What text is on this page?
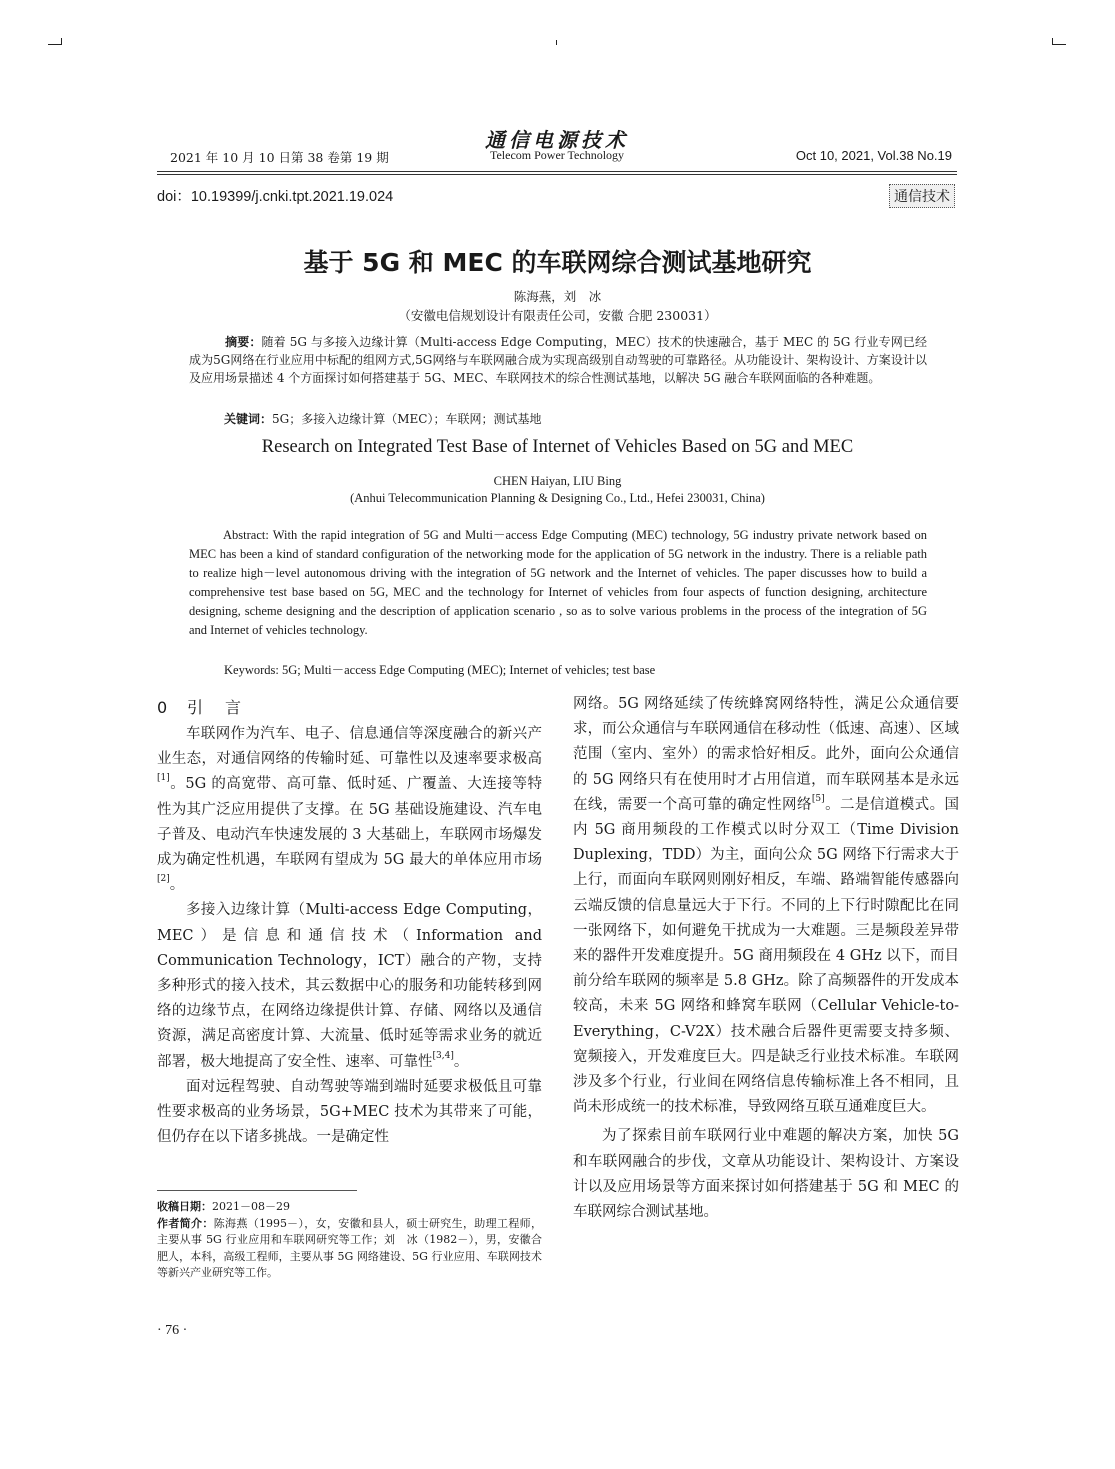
2021 年 10 月 10 日第 38 卷第 19 期
通信电源技术
Telecom Power Technology	Oct 10, 2021, Vol.38 No.19
doi：10.19399/j.cnki.tpt.2021.19.024	通信技术
基于 5G 和 MEC 的车联网综合测试基地研究
陈海燕，刘　冰
（安徽电信规划设计有限责任公司，安徽 合肥 230031）
摘要：随着 5G 与多接入边缘计算（Multi-access Edge Computing，MEC）技术的快速融合，基于 MEC 的 5G 行业专网已经成为5G网络在行业应用中标配的组网方式,5G网络与车联网融合成为实现高级别自动驾驶的可靠路径。从功能设计、架构设计、方案设计以及应用场景描述 4 个方面探讨如何搭建基于 5G、MEC、车联网技术的综合性测试基地，以解决 5G 融合车联网面临的各种难题。
关键词：5G；多接入边缘计算（MEC）；车联网；测试基地
Research on Integrated Test Base of Internet of Vehicles Based on 5G and MEC
CHEN Haiyan, LIU Bing
(Anhui Telecommunication Planning & Designing Co., Ltd., Hefei 230031, China)
Abstract: With the rapid integration of 5G and Multi－access Edge Computing (MEC) technology, 5G industry private network based on MEC has been a kind of standard configuration of the networking mode for the application of 5G network in the industry. There is a reliable path to realize high－level autonomous driving with the integration of 5G network and the Internet of vehicles. The paper discusses how to build a comprehensive test base based on 5G, MEC and the technology for Internet of vehicles from four aspects of function designing, architecture designing, scheme designing and the description of application scenario , so as to solve various problems in the process of the integration of 5G and Internet of vehicles technology.
Keywords: 5G; Multi－access Edge Computing (MEC); Internet of vehicles; test base
0 引 言

车联网作为汽车、电子、信息通信等深度融合的新兴产业生态，对通信网络的传输时延、可靠性以及速率要求极高[1]。5G 的高宽带、高可靠、低时延、广覆盖、大连接等特性为其广泛应用提供了支撑。在 5G 基础设施建设、汽车电子普及、电动汽车快速发展的 3 大基础上，车联网市场爆发成为确定性机遇，车联网有望成为 5G 最大的单体应用市场[2]。

多接入边缘计算（Multi-access Edge Computing，MEC）是信息和通信技术（Information and Communication Technology，ICT）融合的产物，支持多种形式的接入技术，其云数据中心的服务和功能转移到网络的边缘节点，在网络边缘提供计算、存储、网络以及通信资源，满足高密度计算、大流量、低时延等需求业务的就近部署，极大地提高了安全性、速率、可靠性[3,4]。

面对远程驾驶、自动驾驶等端到端时延要求极低且可靠性要求极高的业务场景，5G+MEC 技术为其带来了可能，但仍存在以下诸多挑战。一是确定性

网络。5G 网络延续了传统蜂窝网络特性，满足公众通信要求，而公众通信与车联网通信在移动性（低速、高速）、区域范围（室内、室外）的需求恰好相反。此外，面向公众通信的 5G 网络只有在使用时才占用信道，而车联网基本是永远在线，需要一个高可靠的确定性网络[5]。二是信道模式。国内 5G 商用频段的工作模式以时分双工（Time Division Duplexing，TDD）为主，面向公众 5G 网络下行需求大于上行，而面向车联网则刚好相反，车端、路端智能传感器向云端反馈的信息量远大于下行。不同的上下行时隙配比在同一张网络下，如何避免干扰成为一大难题。三是频段差异带来的器件开发难度提升。5G 商用频段在 4 GHz 以下，而目前分给车联网的频率是 5.8 GHz。除了高频器件的开发成本较高，未来 5G 网络和蜂窝车联网（Cellular Vehicle-to-Everything，C-V2X）技术融合后器件更需要支持多频、宽频接入，开发难度巨大。四是缺乏行业技术标准。车联网涉及多个行业，行业间在网络信息传输标准上各不相同，且尚未形成统一的技术标准，导致网络互联互通难度巨大。

为了探索目前车联网行业中难题的解决方案，加快 5G 和车联网融合的步伐，文章从功能设计、架构设计、方案设计以及应用场景等方面来探讨如何搭建基于 5G 和 MEC 的车联网综合测试基地。

收稿日期：2021－08－29
作者简介：陈海燕（1995－），女，安徽和县人，硕士研究生，助理工程师，主要从事 5G 行业应用和车联网研究等工作；刘　冰（1982－），男，安徽合肥人，本科，高级工程师，主要从事 5G 网络建设、5G 行业应用、车联网技术等新兴产业研究等工作。
· 76 ·
